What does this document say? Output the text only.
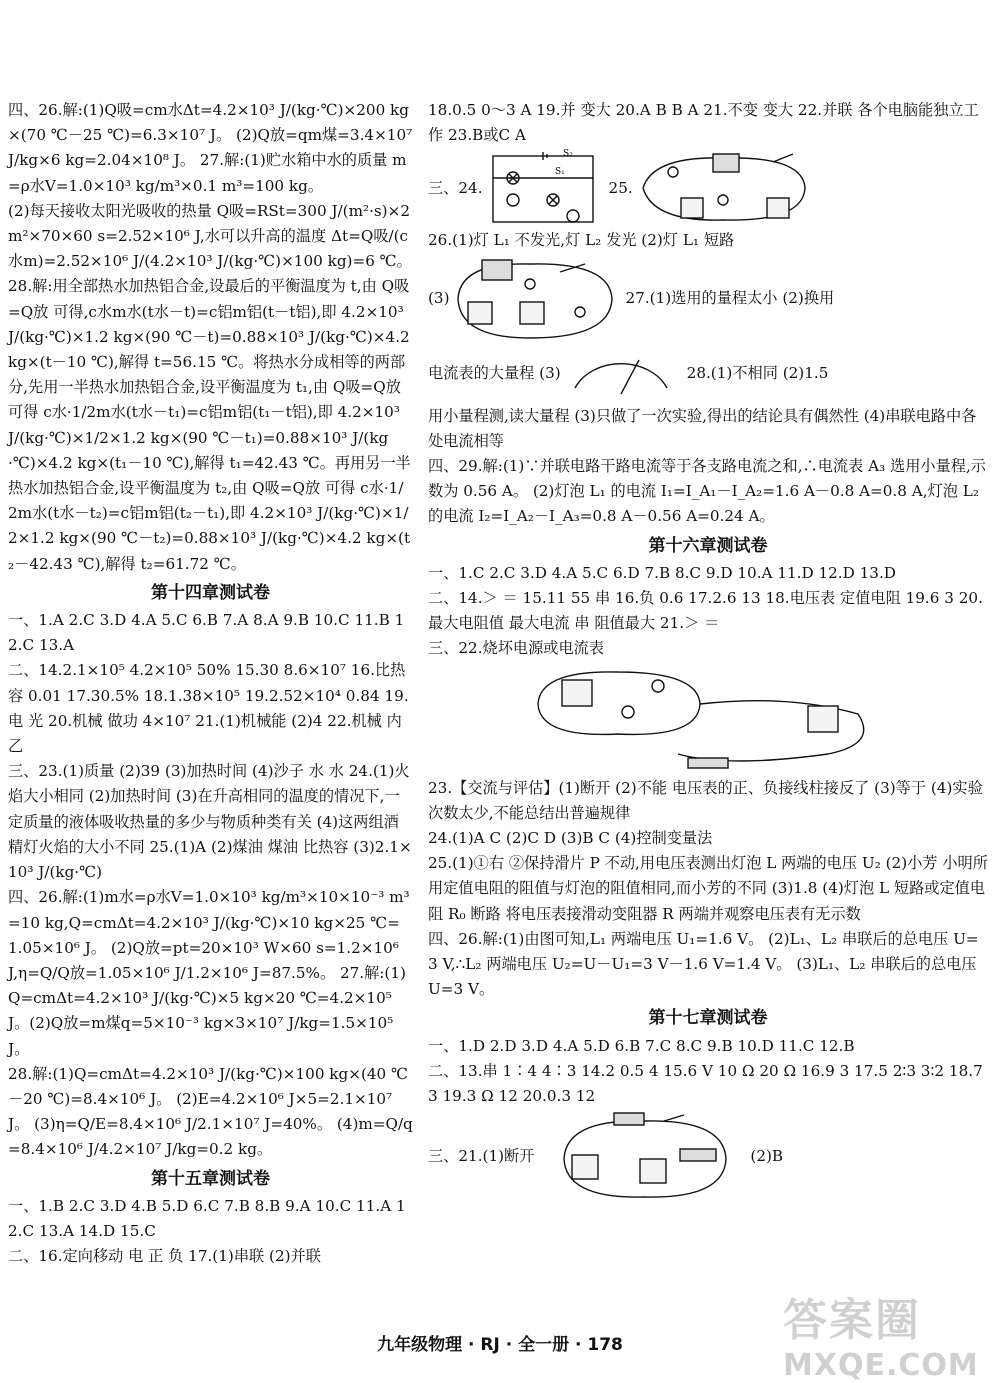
四、26.解:(1)Q吸=cm水Δt=4.2×10³ J/(kg·℃)×200 kg×(70 ℃－25 ℃)=6.3×10⁷ J。 (2)Q放=qm煤=3.4×10⁷ J/kg×6 kg=2.04×10⁸ J。 27.解:(1)贮水箱中水的质量 m=ρ水V=1.0×10³ kg/m³×0.1 m³=100 kg。

(2)每天接收太阳光吸收的热量 Q吸=RSt=300 J/(m²·s)×2 m²×70×60 s=2.52×10⁶ J,水可以升高的温度 Δt=Q吸/(c水m)=2.52×10⁶ J/(4.2×10³ J/(kg·℃)×100 kg)=6 ℃。 28.解:用全部热水加热铝合金,设最后的平衡温度为 t,由 Q吸=Q放 可得,c水m水(t水－t)=c铝m铝(t－t铝),即 4.2×10³ J/(kg·℃)×1.2 kg×(90 ℃－t)=0.88×10³ J/(kg·℃)×4.2 kg×(t－10 ℃),解得 t=56.15 ℃。将热水分成相等的两部分,先用一半热水加热铝合金,设平衡温度为 t₁,由 Q吸=Q放 可得 c水·1/2m水(t水－t₁)=c铝m铝(t₁－t铝),即 4.2×10³ J/(kg·℃)×1/2×1.2 kg×(90 ℃－t₁)=0.88×10³ J/(kg·℃)×4.2 kg×(t₁－10 ℃),解得 t₁=42.43 ℃。再用另一半热水加热铝合金,设平衡温度为 t₂,由 Q吸=Q放 可得 c水·1/2m水(t水－t₂)=c铝m铝(t₂－t₁),即 4.2×10³ J/(kg·℃)×1/2×1.2 kg×(90 ℃－t₂)=0.88×10³ J/(kg·℃)×4.2 kg×(t₂－42.43 ℃),解得 t₂=61.72 ℃。

第十四章测试卷

一、1.A 2.C 3.D 4.A 5.C 6.B 7.A 8.A 9.B 10.C 11.B 12.C 13.A

二、14.2.1×10⁵ 4.2×10⁵ 50% 15.30 8.6×10⁷ 16.比热容 0.01 17.30.5% 18.1.38×10⁵ 19.2.52×10⁴ 0.84 19.电 光 20.机械 做功 4×10⁷ 21.(1)机械能 (2)4 22.机械 内 乙

三、23.(1)质量 (2)39 (3)加热时间 (4)沙子 水 水 24.(1)火焰大小相同 (2)加热时间 (3)在升高相同的温度的情况下,一定质量的液体吸收热量的多少与物质种类有关 (4)这两组酒精灯火焰的大小不同 25.(1)A (2)煤油 煤油 比热容 (3)2.1×10³ J/(kg·℃)

四、26.解:(1)m水=ρ水V=1.0×10³ kg/m³×10×10⁻³ m³=10 kg,Q=cmΔt=4.2×10³ J/(kg·℃)×10 kg×25 ℃=1.05×10⁶ J。 (2)Q放=pt=20×10³ W×60 s=1.2×10⁶ J,η=Q/Q放=1.05×10⁶ J/1.2×10⁶ J=87.5%。 27.解:(1)Q=cmΔt=4.2×10³ J/(kg·℃)×5 kg×20 ℃=4.2×10⁵ J。(2)Q放=m煤q=5×10⁻³ kg×3×10⁷ J/kg=1.5×10⁵ J。

28.解:(1)Q=cmΔt=4.2×10³ J/(kg·℃)×100 kg×(40 ℃－20 ℃)=8.4×10⁶ J。 (2)E=4.2×10⁶ J×5=2.1×10⁷ J。 (3)η=Q/E=8.4×10⁶ J/2.1×10⁷ J=40%。 (4)m=Q/q=8.4×10⁶ J/4.2×10⁷ J/kg=0.2 kg。

第十五章测试卷

一、1.B 2.C 3.D 4.B 5.D 6.C 7.B 8.B 9.A 10.C 11.A 12.C 13.A 14.D 15.C

二、16.定向移动 电 正 负 17.(1)串联 (2)并联

18.0.5 0～3 A 19.并 变大 20.A B B A 21.不变 变大 22.并联 各个电脑能独立工作 23.B或C A

三、24.
S₂
S₁
25.

26.(1)灯 L₁ 不发光,灯 L₂ 发光 (2)灯 L₁ 短路

(3)	27.(1)选用的量程太小 (2)换用
电流表的大量程 (3)	28.(1)不相同 (2)1.5

用小量程测,读大量程 (3)只做了一次实验,得出的结论具有偶然性 (4)串联电路中各处电流相等

四、29.解:(1)∵并联电路干路电流等于各支路电流之和,∴电流表 A₃ 选用小量程,示数为 0.56 A。 (2)灯泡 L₁ 的电流 I₁=I_A₁－I_A₂=1.6 A－0.8 A=0.8 A,灯泡 L₂ 的电流 I₂=I_A₂－I_A₃=0.8 A－0.56 A=0.24 A。

第十六章测试卷

一、1.C 2.C 3.D 4.A 5.C 6.D 7.B 8.C 9.D 10.A 11.D 12.D 13.D

二、14.＞ ＝ 15.11 55 串 16.负 0.6 17.2.6 13 18.电压表 定值电阻 19.6 3 20.最大电阻值 最大电流 串 阻值最大 21.＞ ＝

三、22.烧坏电源或电流表

23.【交流与评估】(1)断开 (2)不能 电压表的正、负接线柱接反了 (3)等于 (4)实验次数太少,不能总结出普遍规律

24.(1)A C (2)C D (3)B C (4)控制变量法

25.(1)①右 ②保持滑片 P 不动,用电压表测出灯泡 L 两端的电压 U₂ (2)小芳 小明所用定值电阻的阻值与灯泡的阻值相同,而小芳的不同 (3)1.8 (4)灯泡 L 短路或定值电阻 R₀ 断路 将电压表接滑动变阻器 R 两端并观察电压表有无示数

四、26.解:(1)由图可知,L₁ 两端电压 U₁=1.6 V。 (2)L₁、L₂ 串联后的总电压 U=3 V,∴L₂ 两端电压 U₂=U－U₁=3 V－1.6 V=1.4 V。 (3)L₁、L₂ 串联后的总电压 U=3 V。

第十七章测试卷

一、1.D 2.D 3.D 4.A 5.D 6.B 7.C 8.C 9.B 10.D 11.C 12.B

二、13.串 1∶4 4∶3 14.2 0.5 4 15.6 V 10 Ω 20 Ω 16.9 3 17.5 2∶3 3∶2 18.7 3 19.3 Ω 12 20.0.3 12

三、21.(1)断开	(2)B
九年级物理 · RJ · 全一册 · 178	答案圈
MXQE.COM
